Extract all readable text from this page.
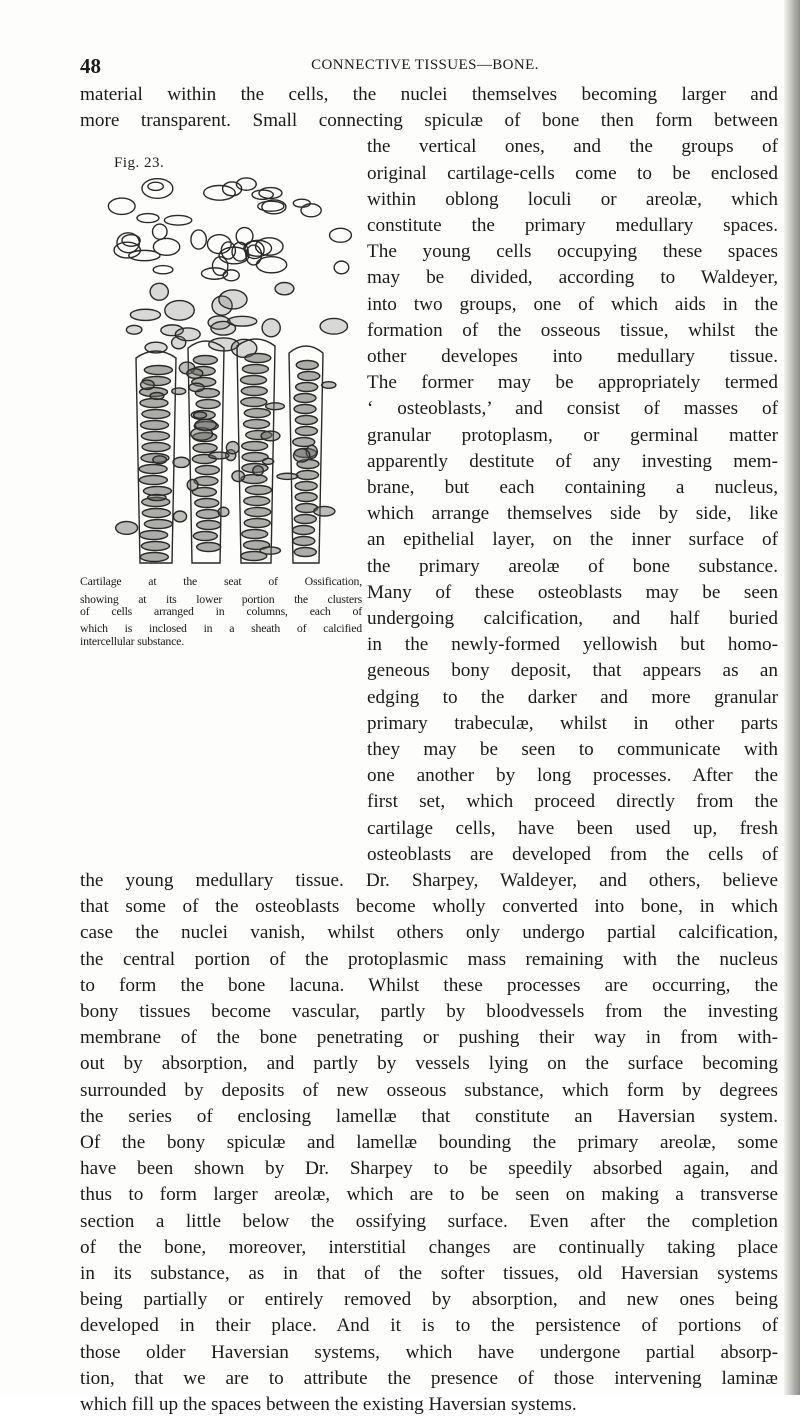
48	CONNECTIVE TISSUES—BONE.
Fig. 23.
Cartilage at the seat of Ossification,
showing at its lower portion the clusters
of cells arranged in columns, each of
which is inclosed in a sheath of calcified
intercellular substance.
material within the cells, the nuclei themselves becoming larger and
more transparent. Small connecting spiculæ of bone then form between
the vertical ones, and the groups of
original cartilage-cells come to be enclosed
within oblong loculi or areolæ, which
constitute the primary medullary spaces.
The young cells occupying these spaces
may be divided, according to Waldeyer,
into two groups, one of which aids in the
formation of the osseous tissue, whilst the
other developes into medullary tissue.
The former may be appropriately termed
‘ osteoblasts,’ and consist of masses of
granular protoplasm, or germinal matter
apparently destitute of any investing mem-
brane, but each containing a nucleus,
which arrange themselves side by side, like
an epithelial layer, on the inner surface of
the primary areolæ of bone substance.
Many of these osteoblasts may be seen
undergoing calcification, and half buried
in the newly-formed yellowish but homo-
geneous bony deposit, that appears as an
edging to the darker and more granular
primary trabeculæ, whilst in other parts
they may be seen to communicate with
one another by long processes. After the
first set, which proceed directly from the
cartilage cells, have been used up, fresh
osteoblasts are developed from the cells of
the young medullary tissue. Dr. Sharpey, Waldeyer, and others, believe
that some of the osteoblasts become wholly converted into bone, in which
case the nuclei vanish, whilst others only undergo partial calcification,
the central portion of the protoplasmic mass remaining with the nucleus
to form the bone lacuna. Whilst these processes are occurring, the
bony tissues become vascular, partly by bloodvessels from the investing
membrane of the bone penetrating or pushing their way in from with-
out by absorption, and partly by vessels lying on the surface becoming
surrounded by deposits of new osseous substance, which form by degrees
the series of enclosing lamellæ that constitute an Haversian system.
Of the bony spiculæ and lamellæ bounding the primary areolæ, some
have been shown by Dr. Sharpey to be speedily absorbed again, and
thus to form larger areolæ, which are to be seen on making a transverse
section a little below the ossifying surface. Even after the completion
of the bone, moreover, interstitial changes are continually taking place
in its substance, as in that of the softer tissues, old Haversian systems
being partially or entirely removed by absorption, and new ones being
developed in their place. And it is to the persistence of portions of
those older Haversian systems, which have undergone partial absorp-
tion, that we are to attribute the presence of those intervening laminæ
which fill up the spaces between the existing Haversian systems.
